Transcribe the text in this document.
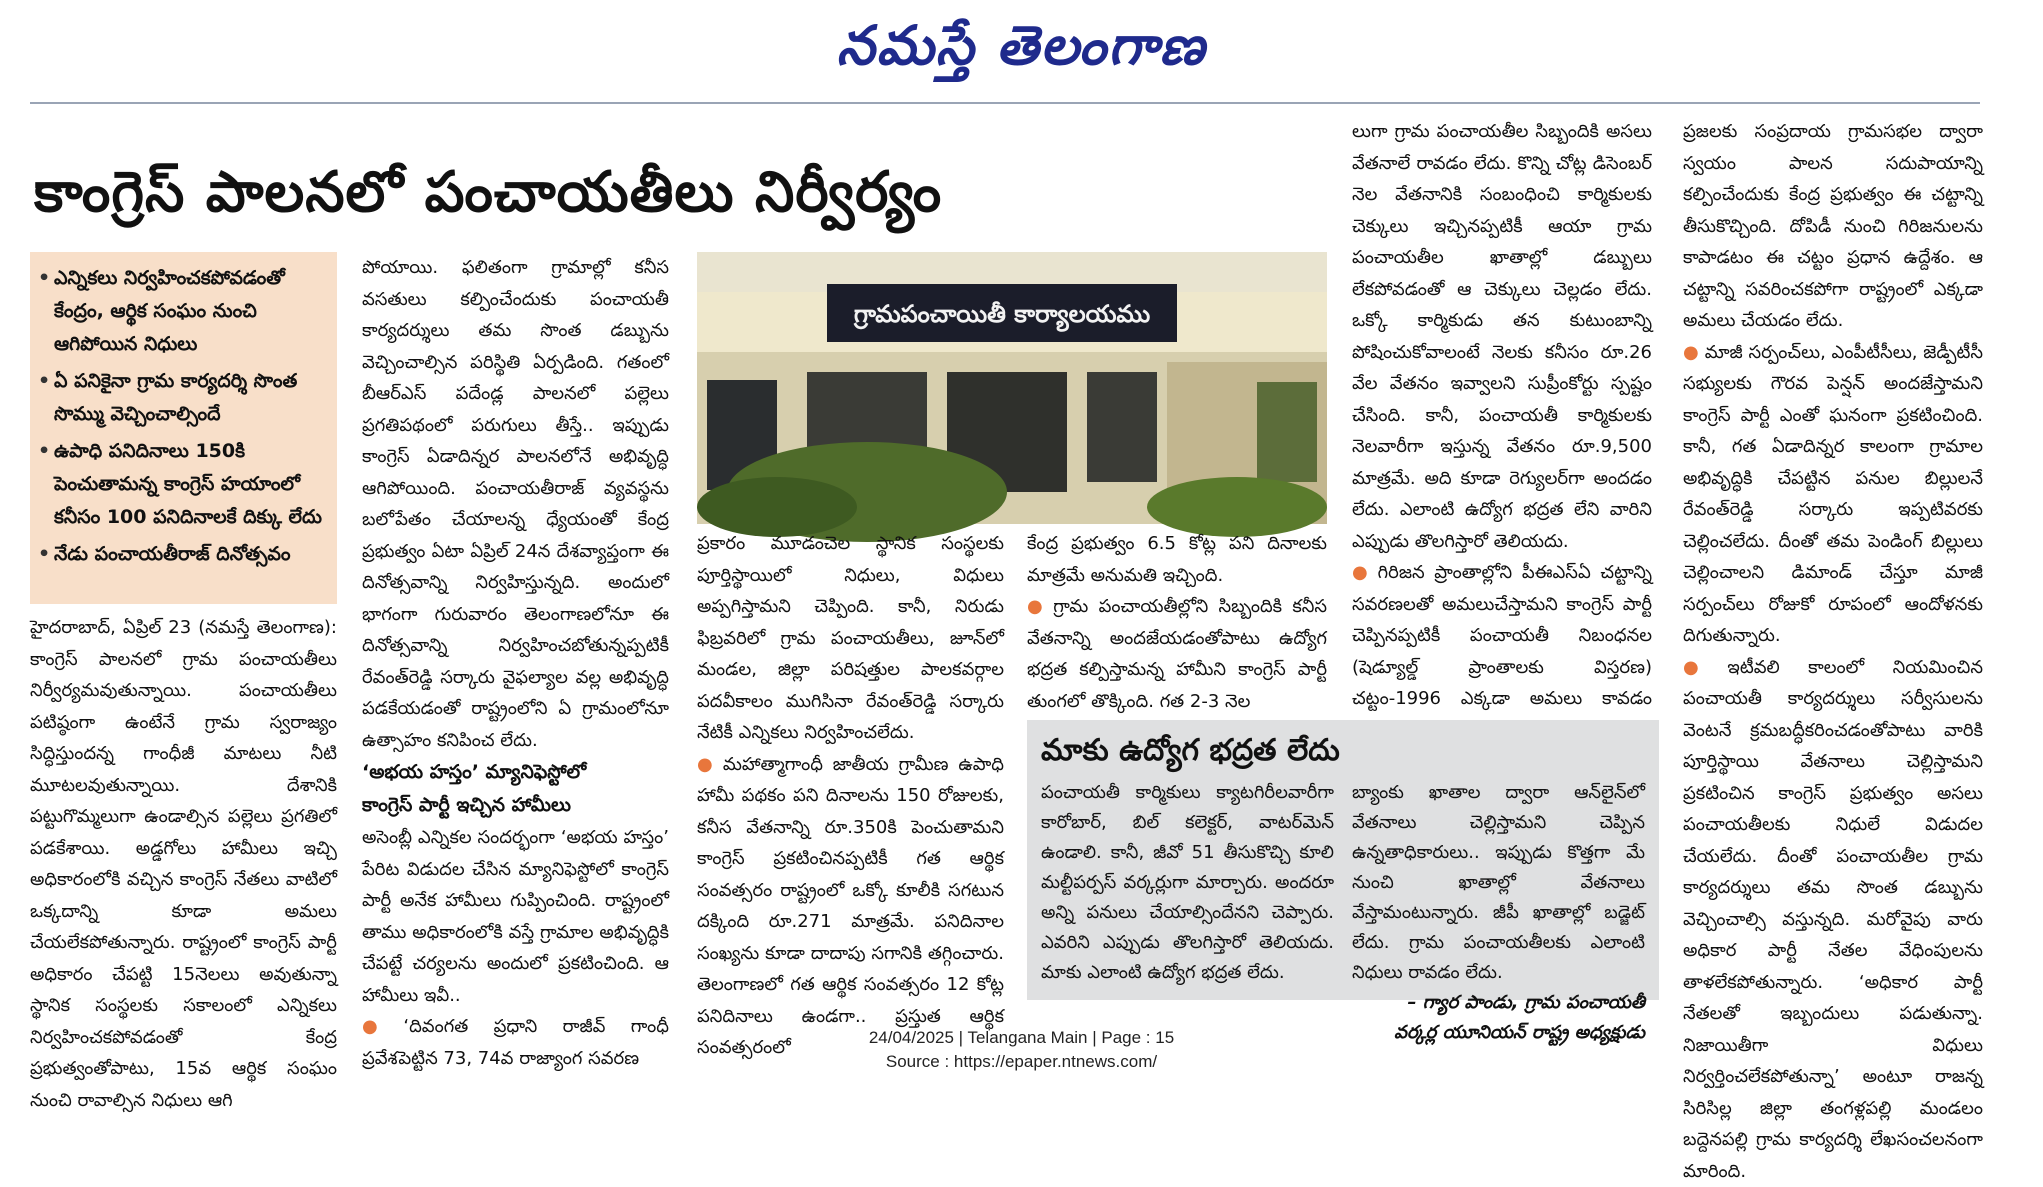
నమస్తే తెలంగాణ
కాంగ్రెస్ పాలనలో పంచాయతీలు నిర్వీర్యం
• ఎన్నికలు నిర్వహించకపోవడంతో కేంద్రం, ఆర్థిక సంఘం నుంచి ఆగిపోయిన నిధులు
• ఏ పనికైనా గ్రామ కార్యదర్శి సొంత సొమ్ము వెచ్చించాల్సిందే
• ఉపాధి పనిదినాలు 150కి పెంచుతామన్న కాంగ్రెస్ హయాంలో కనీసం 100 పనిదినాలకే దిక్కు లేదు
• నేడు పంచాయతీరాజ్ దినోత్సవం

హైదరాబాద్, ఏప్రిల్ 23 (నమస్తే తెలంగాణ): కాంగ్రెస్ పాలనలో గ్రామ పంచాయతీలు నిర్వీర్యమవుతున్నాయి. పంచాయతీలు పటిష్ఠంగా ఉంటేనే గ్రామ స్వరాజ్యం సిద్ధిస్తుందన్న గాంధీజీ మాటలు నీటి మూటలవుతున్నాయి. దేశానికి పట్టుగొమ్మలుగా ఉండాల్సిన పల్లెలు ప్రగతిలో పడకేశాయి. అడ్డగోలు హామీలు ఇచ్చి అధికారంలోకి వచ్చిన కాంగ్రెస్ నేతలు వాటిలో ఒక్కదాన్ని కూడా అమలు చేయలేకపోతున్నారు. రాష్ట్రంలో కాంగ్రెస్ పార్టీ అధికారం చేపట్టి 15నెలలు అవుతున్నా స్థానిక సంస్థలకు సకాలంలో ఎన్నికలు నిర్వహించకపోవడంతో కేంద్ర ప్రభుత్వంతోపాటు, 15వ ఆర్థిక సంఘం నుంచి రావాల్సిన నిధులు ఆగి

పోయాయి. ఫలితంగా గ్రామాల్లో కనీస వసతులు కల్పించేందుకు పంచాయతీ కార్యదర్శులు తమ సొంత డబ్బును వెచ్చించాల్సిన పరిస్థితి ఏర్పడింది. గతంలో బీఆర్ఎస్ పదేండ్ల పాలనలో పల్లెలు ప్రగతిపథంలో పరుగులు తీస్తే.. ఇప్పుడు కాంగ్రెస్ ఏడాదిన్నర పాలనలోనే అభివృద్ధి ఆగిపోయింది. పంచాయతీరాజ్ వ్యవస్థను బలోపేతం చేయాలన్న ధ్యేయంతో కేంద్ర ప్రభుత్వం ఏటా ఏప్రిల్ 24న దేశవ్యాప్తంగా ఈ దినోత్సవాన్ని నిర్వహిస్తున్నది. అందులో భాగంగా గురువారం తెలంగాణలోనూ ఈ దినోత్సవాన్ని నిర్వహించబోతున్నప్పటికీ రేవంత్‌రెడ్డి సర్కారు వైఫల్యాల వల్ల అభివృద్ధి పడకేయడంతో రాష్ట్రంలోని ఏ గ్రామంలోనూ ఉత్సాహం కనిపించ లేదు.

‘అభయ హస్తం’ మ్యానిఫెస్టోలో

కాంగ్రెస్ పార్టీ ఇచ్చిన హామీలు

అసెంబ్లీ ఎన్నికల సందర్భంగా ‘అభయ హస్తం’ పేరిట విడుదల చేసిన మ్యానిఫెస్టోలో కాంగ్రెస్ పార్టీ అనేక హామీలు గుప్పించింది. రాష్ట్రంలో తాము అధికారంలోకి వస్తే గ్రామాల అభివృద్ధికి చేపట్టే చర్యలను అందులో ప్రకటించింది. ఆ హామీలు ఇవీ..

● ‘దివంగత ప్రధాని రాజీవ్ గాంధీ ప్రవేశపెట్టిన 73, 74వ రాజ్యాంగ సవరణ

గ్రామపంచాయితీ కార్యాలయము

ప్రకారం మూడంచెల స్థానిక సంస్థలకు పూర్తిస్థాయిలో నిధులు, విధులు అప్పగిస్తామని చెప్పింది. కానీ, నిరుడు ఫిబ్రవరిలో గ్రామ పంచాయతీలు, జూన్‌లో మండల, జిల్లా పరిషత్తుల పాలకవర్గాల పదవీకాలం ముగిసినా రేవంత్‌రెడ్డి సర్కారు నేటికీ ఎన్నికలు నిర్వహించలేదు.

● మహాత్మాగాంధీ జాతీయ గ్రామీణ ఉపాధి హామీ పథకం పని దినాలను 150 రోజులకు, కనీస వేతనాన్ని రూ.350కి పెంచుతామని కాంగ్రెస్ ప్రకటించినప్పటికీ గత ఆర్థిక సంవత్సరం రాష్ట్రంలో ఒక్కో కూలీకి సగటున దక్కింది రూ.271 మాత్రమే. పనిదినాల సంఖ్యను కూడా దాదాపు సగానికి తగ్గించారు. తెలంగాణలో గత ఆర్థిక సంవత్సరం 12 కోట్ల పనిదినాలు ఉండగా.. ప్రస్తుత ఆర్థిక సంవత్సరంలో

కేంద్ర ప్రభుత్వం 6.5 కోట్ల పని దినాలకు మాత్రమే అనుమతి ఇచ్చింది.

● గ్రామ పంచాయతీల్లోని సిబ్బందికి కనీస వేతనాన్ని అందజేయడంతోపాటు ఉద్యోగ భద్రత కల్పిస్తామన్న హామీని కాంగ్రెస్ పార్టీ తుంగలో తొక్కింది. గత 2-3 నెల

లుగా గ్రామ పంచాయతీల సిబ్బందికి అసలు వేతనాలే రావడం లేదు. కొన్ని చోట్ల డిసెంబర్ నెల వేతనానికి సంబంధించి కార్మికులకు చెక్కులు ఇచ్చినప్పటికీ ఆయా గ్రామ పంచాయతీల ఖాతాల్లో డబ్బులు లేకపోవడంతో ఆ చెక్కులు చెల్లడం లేదు. ఒక్కో కార్మికుడు తన కుటుంబాన్ని పోషించుకోవాలంటే నెలకు కనీసం రూ.26 వేల వేతనం ఇవ్వాలని సుప్రీంకోర్టు స్పష్టం చేసింది. కానీ, పంచాయతీ కార్మికులకు నెలవారీగా ఇస్తున్న వేతనం రూ.9,500 మాత్రమే. అది కూడా రెగ్యులర్‌గా అందడం లేదు. ఎలాంటి ఉద్యోగ భద్రత లేని వారిని ఎప్పుడు తొలగిస్తారో తెలియదు.

● గిరిజన ప్రాంతాల్లోని పీఈఎస్ఏ చట్టాన్ని సవరణలతో అమలుచేస్తామని కాంగ్రెస్ పార్టీ చెప్పినప్పటికీ పంచాయతీ నిబంధనల (షెడ్యూల్డ్ ప్రాంతాలకు విస్తరణ) చట్టం-1996 ఎక్కడా అమలు కావడం

ప్రజలకు సంప్రదాయ గ్రామసభల ద్వారా స్వయం పాలన సదుపాయాన్ని కల్పించేందుకు కేంద్ర ప్రభుత్వం ఈ చట్టాన్ని తీసుకొచ్చింది. దోపిడీ నుంచి గిరిజనులను కాపాడటం ఈ చట్టం ప్రధాన ఉద్దేశం. ఆ చట్టాన్ని సవరించకపోగా రాష్ట్రంలో ఎక్కడా అమలు చేయడం లేదు.

● మాజీ సర్పంచ్‌లు, ఎంపీటీసీలు, జెడ్పీటీసీ సభ్యులకు గౌరవ పెన్షన్ అందజేస్తామని కాంగ్రెస్ పార్టీ ఎంతో ఘనంగా ప్రకటించింది. కానీ, గత ఏడాదిన్నర కాలంగా గ్రామాల అభివృద్ధికి చేపట్టిన పనుల బిల్లులనే రేవంత్‌రెడ్డి సర్కారు ఇప్పటివరకు చెల్లించలేదు. దీంతో తమ పెండింగ్ బిల్లులు చెల్లించాలని డిమాండ్ చేస్తూ మాజీ సర్పంచ్‌లు రోజుకో రూపంలో ఆందోళనకు దిగుతున్నారు.

● ఇటీవలి కాలంలో నియమించిన పంచాయతీ కార్యదర్శులు సర్వీసులను వెంటనే క్రమబద్ధీకరించడంతోపాటు వారికి పూర్తిస్థాయి వేతనాలు చెల్లిస్తామని ప్రకటించిన కాంగ్రెస్ ప్రభుత్వం అసలు పంచాయతీలకు నిధులే విడుదల చేయలేదు. దీంతో పంచాయతీల గ్రామ కార్యదర్శులు తమ సొంత డబ్బును వెచ్చించాల్సి వస్తున్నది. మరోవైపు వారు అధికార పార్టీ నేతల వేధింపులను తాళలేకపోతున్నారు. ‘అధికార పార్టీ నేతలతో ఇబ్బందులు పడుతున్నా. నిజాయితీగా విధులు నిర్వర్తించలేకపోతున్నా’ అంటూ రాజన్న సిరిసిల్ల జిల్లా తంగళ్లపల్లి మండలం బద్దెనపల్లి గ్రామ కార్యదర్శి లేఖసంచలనంగా మారింది.

మాకు ఉద్యోగ భద్రత లేదు
పంచాయతీ కార్మికులు క్యాటగిరీలవారీగా కారోబార్, బిల్ కలెక్టర్, వాటర్‌మెన్ ఉండాలి. కానీ, జీవో 51 తీసుకొచ్చి కూలి మల్టీపర్పస్ వర్కర్లుగా మార్చారు. అందరూ అన్ని పనులు చేయాల్సిందేనని చెప్పారు. ఎవరిని ఎప్పుడు తొలగిస్తారో తెలియదు. మాకు ఎలాంటి ఉద్యోగ భద్రత లేదు.
బ్యాంకు ఖాతాల ద్వారా ఆన్‌లైన్‌లో వేతనాలు చెల్లిస్తామని చెప్పిన ఉన్నతాధికారులు.. ఇప్పుడు కొత్తగా మే నుంచి ఖాతాల్లో వేతనాలు వేస్తామంటున్నారు. జీపీ ఖాతాల్లో బడ్జెట్ లేదు. గ్రామ పంచాయతీలకు ఎలాంటి నిధులు రావడం లేదు.
– గ్యార పాండు, గ్రామ పంచాయతీ
వర్కర్ల యూనియన్ రాష్ట్ర అధ్యక్షుడు
24/04/2025 | Telangana Main | Page : 15
Source : https://epaper.ntnews.com/
